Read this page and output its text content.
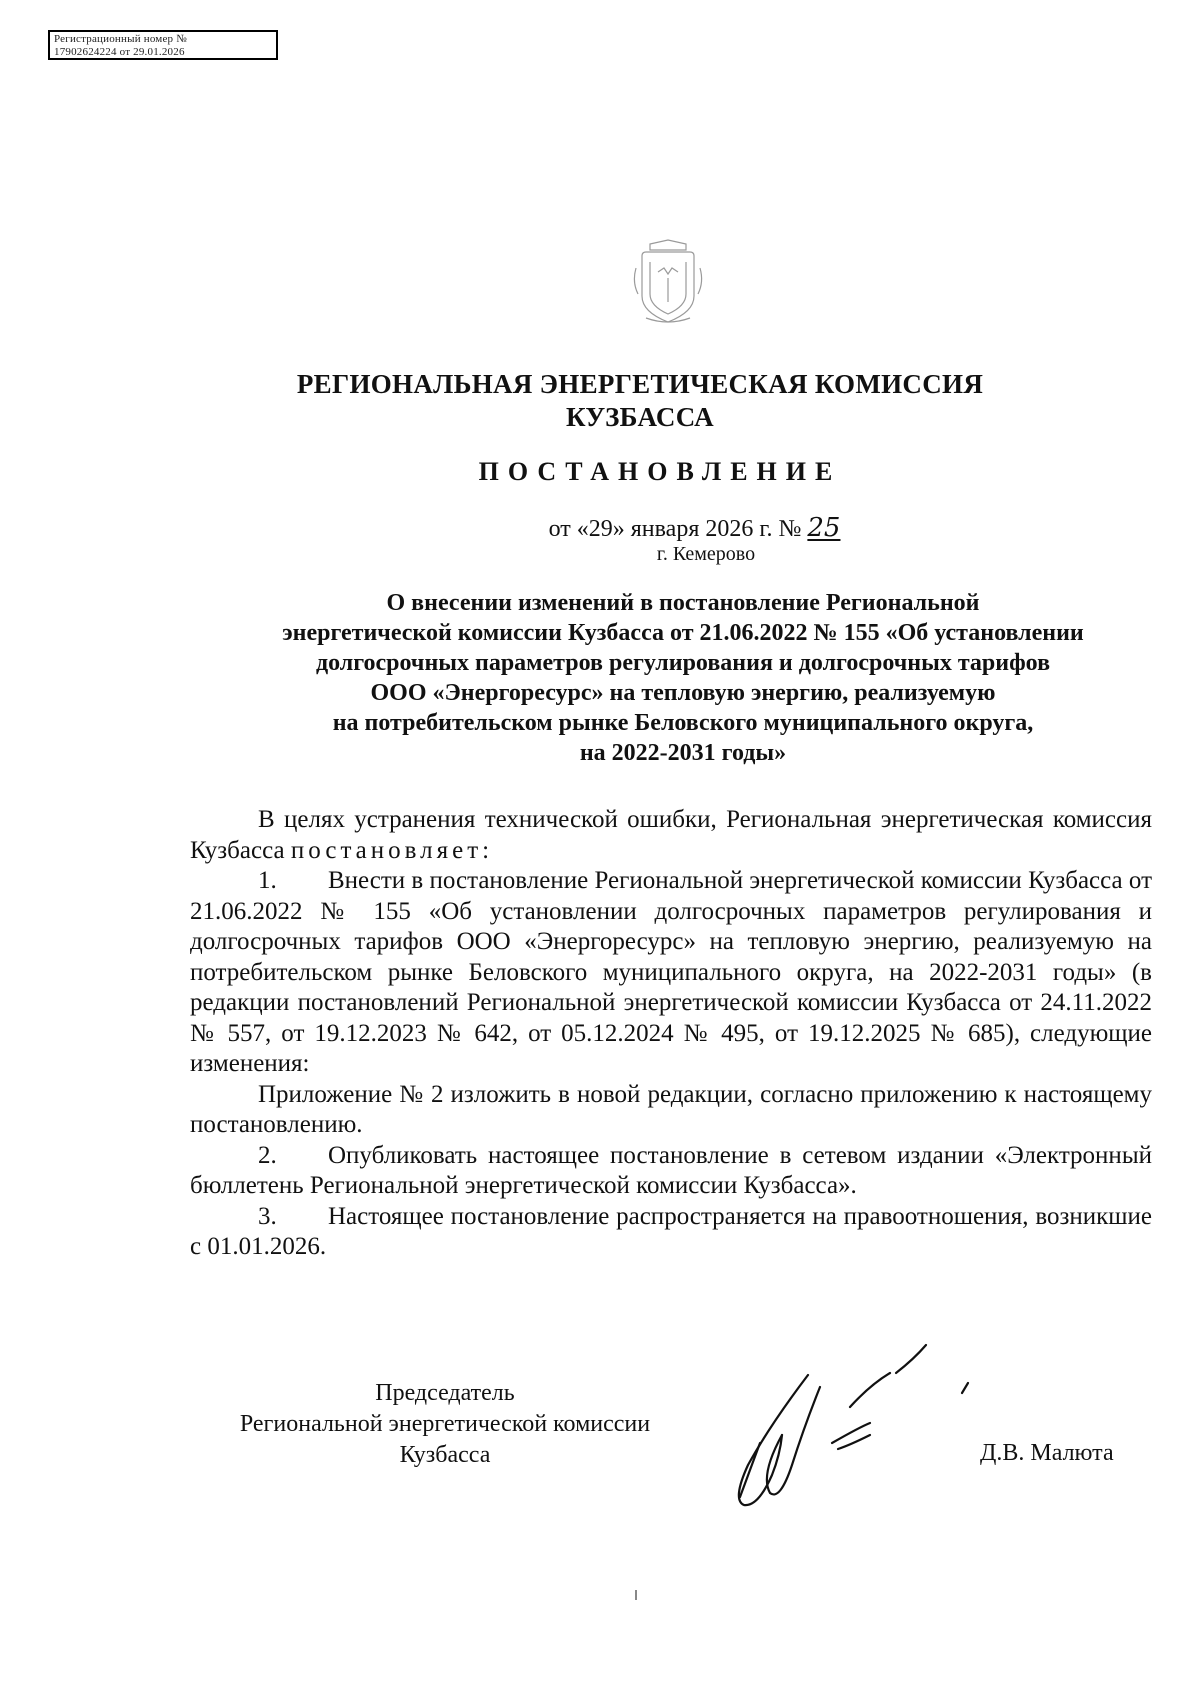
Регистрационный номер №
17902624224 от 29.01.2026
РЕГИОНАЛЬНАЯ ЭНЕРГЕТИЧЕСКАЯ КОМИССИЯ
КУЗБАССА
ПОСТАНОВЛЕНИЕ
от «29» января 2026 г. № 25
г. Кемерово
О внесении изменений в постановление Региональной
энергетической комиссии Кузбасса от 21.06.2022 № 155 «Об установлении
долгосрочных параметров регулирования и долгосрочных тарифов
ООО «Энергоресурс» на тепловую энергию, реализуемую
на потребительском рынке Беловского муниципального округа,
на 2022-2031 годы»

В целях устранения технической ошибки, Региональная энергетическая комиссия Кузбасса постановляет:

1. Внести в постановление Региональной энергетической комиссии Кузбасса от 21.06.2022 № 155 «Об установлении долгосрочных параметров регулирования и долгосрочных тарифов ООО «Энергоресурс» на тепловую энергию, реализуемую на потребительском рынке Беловского муниципального округа, на 2022-2031 годы» (в редакции постановлений Региональной энергетической комиссии Кузбасса от 24.11.2022 № 557, от 19.12.2023 № 642, от 05.12.2024 № 495, от 19.12.2025 № 685), следующие изменения:

Приложение № 2 изложить в новой редакции, согласно приложению к настоящему постановлению.

2. Опубликовать настоящее постановление в сетевом издании «Электронный бюллетень Региональной энергетической комиссии Кузбасса».

3. Настоящее постановление распространяется на правоотношения, возникшие с 01.01.2026.

Председатель
Региональной энергетической комиссии
Кузбасса	Д.В. Малюта
